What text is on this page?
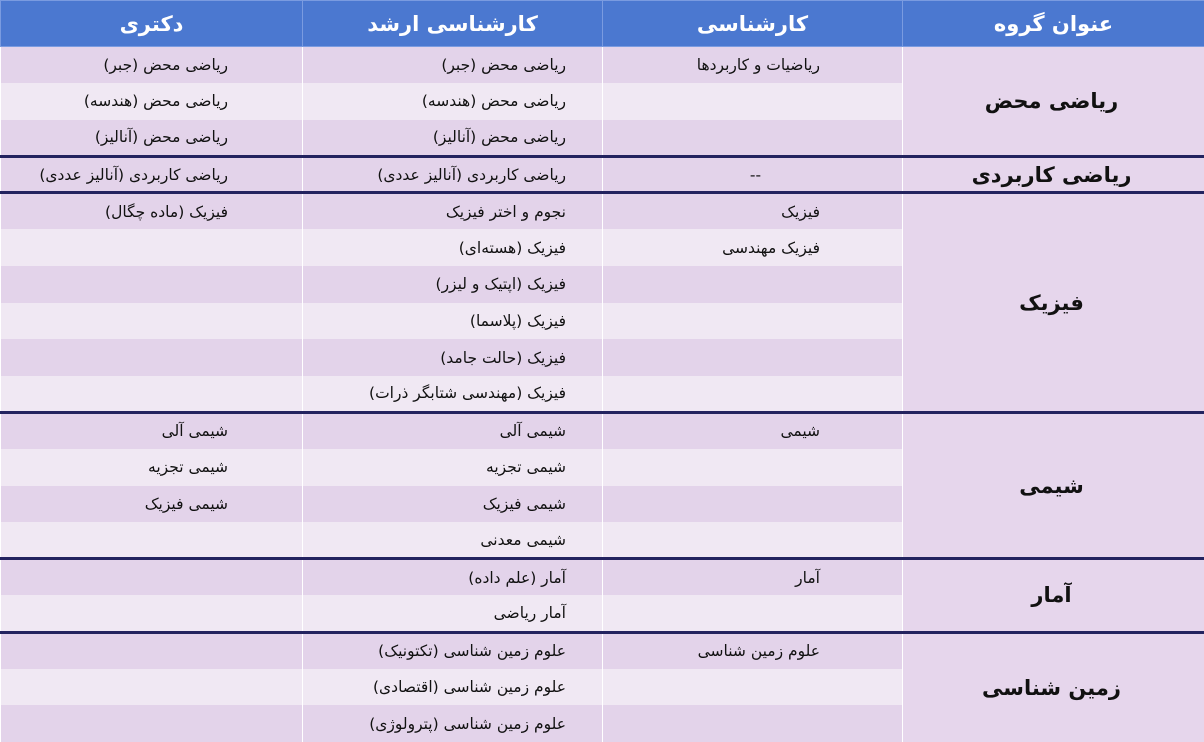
عنوان گروه	کارشناسی	کارشناسی ارشد	دکتری
ریاضی محض	ریاضیات و کاربردها	ریاضی محض (جبر)	ریاضی محض (جبر)
		ریاضی محض (هندسه)	ریاضی محض (هندسه)
		ریاضی محض (آنالیز)	ریاضی محض (آنالیز)
ریاضی کاربردی	--	ریاضی کاربردی (آنالیز عددی)	ریاضی کاربردی (آنالیز عددی)
فیزیک	فیزیک	نجوم و اختر فیزیک	فیزیک (ماده چگال)
	فیزیک مهندسی	فیزیک (هسته‌ای)	
		فیزیک (اپتیک و لیزر)	
		فیزیک (پلاسما)	
		فیزیک (حالت جامد)	
		فیزیک (مهندسی شتابگر ذرات)	
شیمی	شیمی	شیمی آلی	شیمی آلی
		شیمی تجزیه	شیمی تجزیه
		شیمی فیزیک	شیمی فیزیک
		شیمی معدنی	
آمار	آمار	آمار (علم داده)	
		آمار ریاضی	
زمین شناسی	علوم زمین شناسی	علوم زمین شناسی (تکتونیک)	
		علوم زمین شناسی (اقتصادی)	
		علوم زمین شناسی (پترولوژی)	
